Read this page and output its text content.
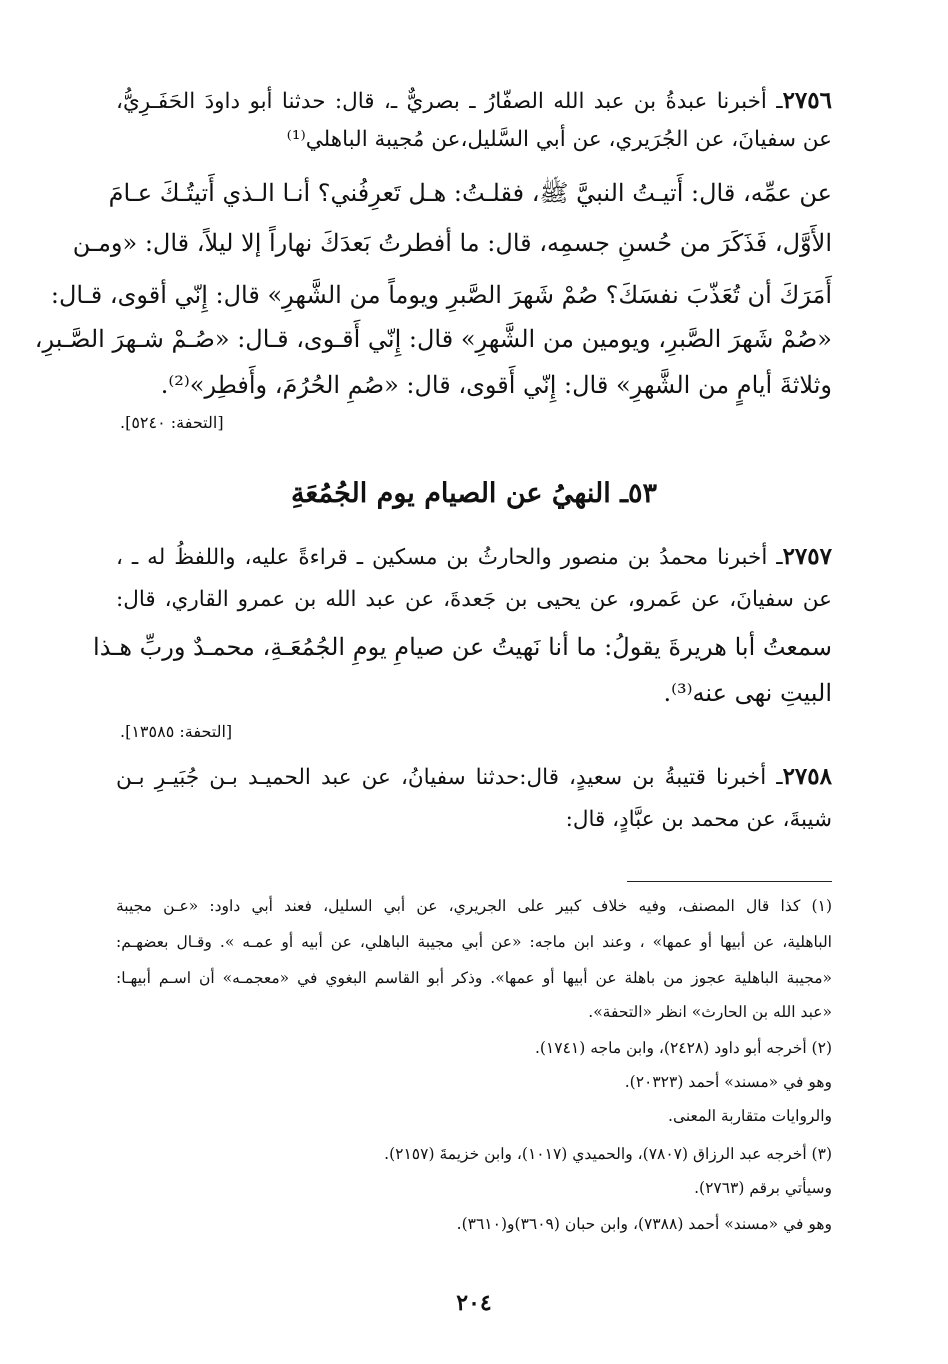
٢٧٥٦ـ أخبرنا عبدةُ بن عبد الله الصفّارُ ـ بصريٌّ ـ، قال: حدثنا أبو داودَ الحَفَـرِيُّ،
عن سفيانَ، عن الجُرَيري، عن أبي السَّليل،عن مُجيبة الباهلي⁽¹⁾
عن عمِّه، قال: أَتيـتُ النبيَّ ﷺ، فقلـتُ: هـل تَعرِفُني؟ أنـا الـذي أَتيتُـكَ عـامَ
الأَوَّل، فَذَكَرَ من حُسنِ جسمِه، قال: ما أفطرتُ بَعدَكَ نهاراً إلا ليلاً، قال: «ومـن
أَمَرَكَ أن تُعَذّبَ نفسَكَ؟ صُمْ شَهرَ الصَّبرِ ويوماً من الشَّهرِ» قال: إِنّي أقوى، قـال:
«صُمْ شَهرَ الصَّبرِ، ويومين من الشَّهرِ» قال: إِنّي أَقـوى، قـال: «صُـمْ شـهرَ الصَّـبرِ،
وثلاثةَ أيامٍ من الشَّهرِ» قال: إِنّي أَقوى، قال: «صُمِ الحُرُمَ، وأَفطِر»⁽²⁾.
[التحفة: ٥٢٤٠].
٥٣ـ النهيُ عن الصيام يوم الجُمُعَةِ
٢٧٥٧ـ أخبرنا محمدُ بن منصور والحارثُ بن مسكين ـ قراءةً عليه، واللفظُ له ـ ،
عن سفيانَ، عن عَمرو، عن يحيى بن جَعدةَ، عن عبد الله بن عمرو القاري، قال:
سمعتُ أبا هريرةَ يقولُ: ما أنا نَهيتُ عن صيامِ يومِ الجُمُعَـةِ، محمـدٌ وربِّ هـذا
البيتِ نهى عنه⁽³⁾.
[التحفة: ١٣٥٨٥].
٢٧٥٨ـ أخبرنا قتيبةُ بن سعيدٍ، قال:حدثنا سفيانُ، عن عبد الحميـد بـن جُبَيـرِ بـن
شيبةَ، عن محمد بن عبَّادٍ، قال:
(١) كذا قال المصنف، وفيه خلاف كبير على الجريري، عن أبي السليل، فعند أبي داود: «عـن مجيبة
الباهلية، عن أبيها أو عمها» ، وعند ابن ماجه: «عن أبي مجيبة الباهلي، عن أبيه أو عمـه ». وقـال بعضهـم:
«مجيبة الباهلية عجوز من باهلة عن أبيها أو عمها». وذكر أبو القاسم البغوي في «معجمـه» أن اسـم أبيهـا:
«عبد الله بن الحارث» انظر «التحفة».
(٢) أخرجه أبو داود (٢٤٢٨)، وابن ماجه (١٧٤١).
وهو في «مسند» أحمد (٢٠٣٢٣).
والروايات متقاربة المعنى.
(٣) أخرجه عبد الرزاق (٧٨٠٧)، والحميدي (١٠١٧)، وابن خزيمةَ (٢١٥٧).
وسيأتي برقم (٢٧٦٣).
وهو في «مسند» أحمد (٧٣٨٨)، وابن حبان (٣٦٠٩)و(٣٦١٠).
٢٠٤
